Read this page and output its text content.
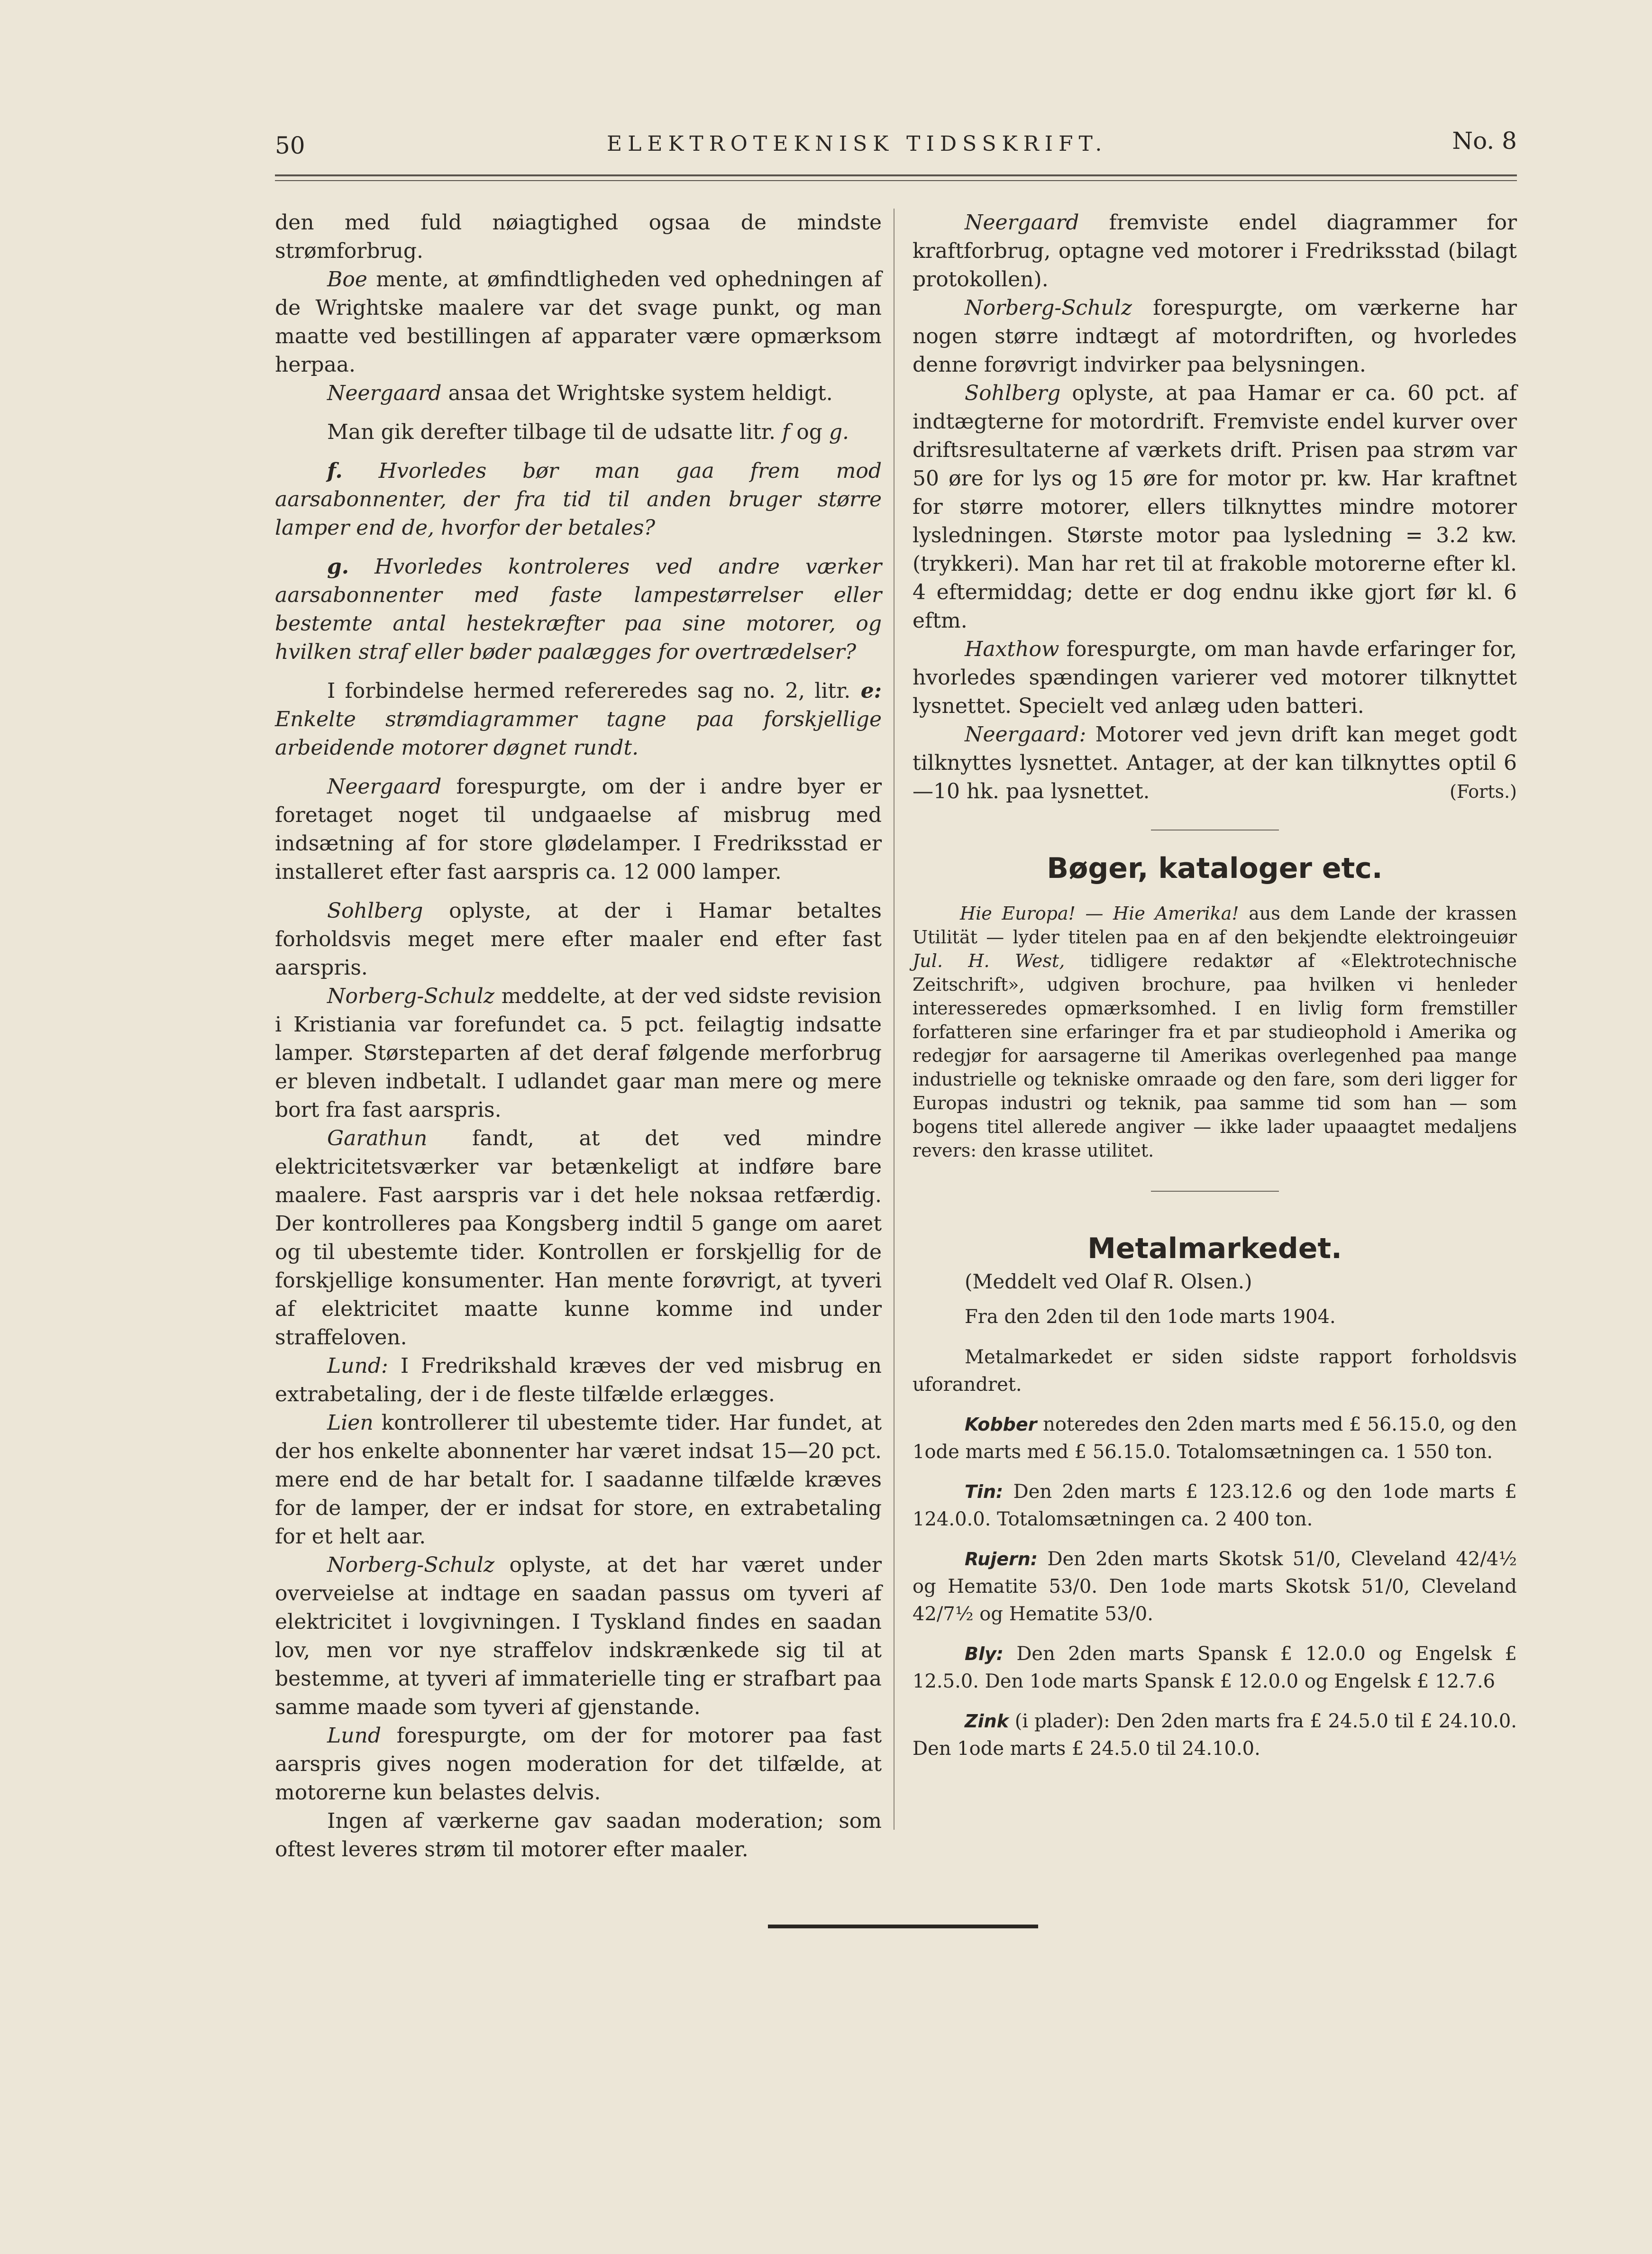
50	ELEKTROTEKNISK TIDSSKRIFT.	No. 8

den med fuld nøiagtighed ogsaa de mindste strømforbrug.

Boe mente, at ømfindtligheden ved ophedningen af de Wrightske maalere var det svage punkt, og man maatte ved bestillingen af apparater være opmærksom herpaa.

Neergaard ansaa det Wrightske system heldigt.

Man gik derefter tilbage til de udsatte litr. f og g.

f. Hvorledes bør man gaa frem mod aarsabonnenter, der fra tid til anden bruger større lamper end de, hvorfor der betales?

g. Hvorledes kontroleres ved andre værker aarsabonnenter med faste lampestørrelser eller bestemte antal hestekræfter paa sine motorer, og hvilken straf eller bøder paalægges for overtrædelser?

I forbindelse hermed refereredes sag no. 2, litr. e: Enkelte strømdiagrammer tagne paa forskjellige arbeidende motorer døgnet rundt.

Neergaard forespurgte, om der i andre byer er foretaget noget til undgaaelse af misbrug med indsætning af for store glødelamper. I Fredriksstad er installeret efter fast aarspris ca. 12 000 lamper.

Sohlberg oplyste, at der i Hamar betaltes forholdsvis meget mere efter maaler end efter fast aarspris.

Norberg-Schulz meddelte, at der ved sidste revision i Kristiania var forefundet ca. 5 pct. feilagtig indsatte lamper. Størsteparten af det deraf følgende merforbrug er bleven indbetalt. I udlandet gaar man mere og mere bort fra fast aarspris.

Garathun fandt, at det ved mindre elektricitetsværker var betænkeligt at indføre bare maalere. Fast aarspris var i det hele noksaa retfærdig. Der kontrolleres paa Kongsberg indtil 5 gange om aaret og til ubestemte tider. Kontrollen er forskjellig for de forskjellige konsumenter. Han mente forøvrigt, at tyveri af elektricitet maatte kunne komme ind under straffeloven.

Lund: I Fredrikshald kræves der ved misbrug en extrabetaling, der i de fleste tilfælde erlægges.

Lien kontrollerer til ubestemte tider. Har fundet, at der hos enkelte abonnenter har været indsat 15—20 pct. mere end de har betalt for. I saadanne tilfælde kræves for de lamper, der er indsat for store, en extrabetaling for et helt aar.

Norberg-Schulz oplyste, at det har været under overveielse at indtage en saadan passus om tyveri af elektricitet i lovgivningen. I Tyskland findes en saadan lov, men vor nye straffelov indskrænkede sig til at bestemme, at tyveri af immaterielle ting er strafbart paa samme maade som tyveri af gjenstande.

Lund forespurgte, om der for motorer paa fast aarspris gives nogen moderation for det tilfælde, at motorerne kun belastes delvis.

Ingen af værkerne gav saadan moderation; som oftest leveres strøm til motorer efter maaler.

Neergaard fremviste endel diagrammer for kraftforbrug, optagne ved motorer i Fredriksstad (bilagt protokollen).

Norberg-Schulz forespurgte, om værkerne har nogen større indtægt af motordriften, og hvorledes denne forøvrigt indvirker paa belysningen.

Sohlberg oplyste, at paa Hamar er ca. 60 pct. af indtægterne for motordrift. Fremviste endel kurver over driftsresultaterne af værkets drift. Prisen paa strøm var 50 øre for lys og 15 øre for motor pr. kw. Har kraftnet for større motorer, ellers tilknyttes mindre motorer lysledningen. Største motor paa lysledning = 3.2 kw. (trykkeri). Man har ret til at frakoble motorerne efter kl. 4 eftermiddag; dette er dog endnu ikke gjort før kl. 6 eftm.

Haxthow forespurgte, om man havde erfaringer for, hvorledes spændingen varierer ved motorer tilknyttet lysnettet. Specielt ved anlæg uden batteri.

Neergaard: Motorer ved jevn drift kan meget godt tilknyttes lysnettet. Antager, at der kan tilknyttes optil 6—10 hk. paa lysnettet.	(Forts.)

Bøger, kataloger etc.

Hie Europa! — Hie Amerika! aus dem Lande der krassen Utilität — lyder titelen paa en af den bekjendte elektroingeuiør Jul. H. West, tidligere redaktør af «Elektrotechnische Zeitschrift», udgiven brochure, paa hvilken vi henleder interesseredes opmærksomhed. I en livlig form fremstiller forfatteren sine erfaringer fra et par studieophold i Amerika og redegjør for aarsagerne til Amerikas overlegenhed paa mange industrielle og tekniske omraade og den fare, som deri ligger for Europas industri og teknik, paa samme tid som han — som bogens titel allerede angiver — ikke lader upaaagtet medaljens revers: den krasse utilitet.

Metalmarkedet.

(Meddelt ved Olaf R. Olsen.)

Fra den 2den til den 1ode marts 1904.

Metalmarkedet er siden sidste rapport forholdsvis uforandret.

Kobber noteredes den 2den marts med £ 56.15.0, og den 1ode marts med £ 56.15.0. Totalomsætningen ca. 1 550 ton.

Tin: Den 2den marts £ 123.12.6 og den 1ode marts £ 124.0.0. Totalomsætningen ca. 2 400 ton.

Rujern: Den 2den marts Skotsk 51/0, Cleveland 42/4½ og Hematite 53/0. Den 1ode marts Skotsk 51/0, Cleveland 42/7½ og Hematite 53/0.

Bly: Den 2den marts Spansk £ 12.0.0 og Engelsk £ 12.5.0. Den 1ode marts Spansk £ 12.0.0 og Engelsk £ 12.7.6

Zink (i plader): Den 2den marts fra £ 24.5.0 til £ 24.10.0. Den 1ode marts £ 24.5.0 til 24.10.0.
